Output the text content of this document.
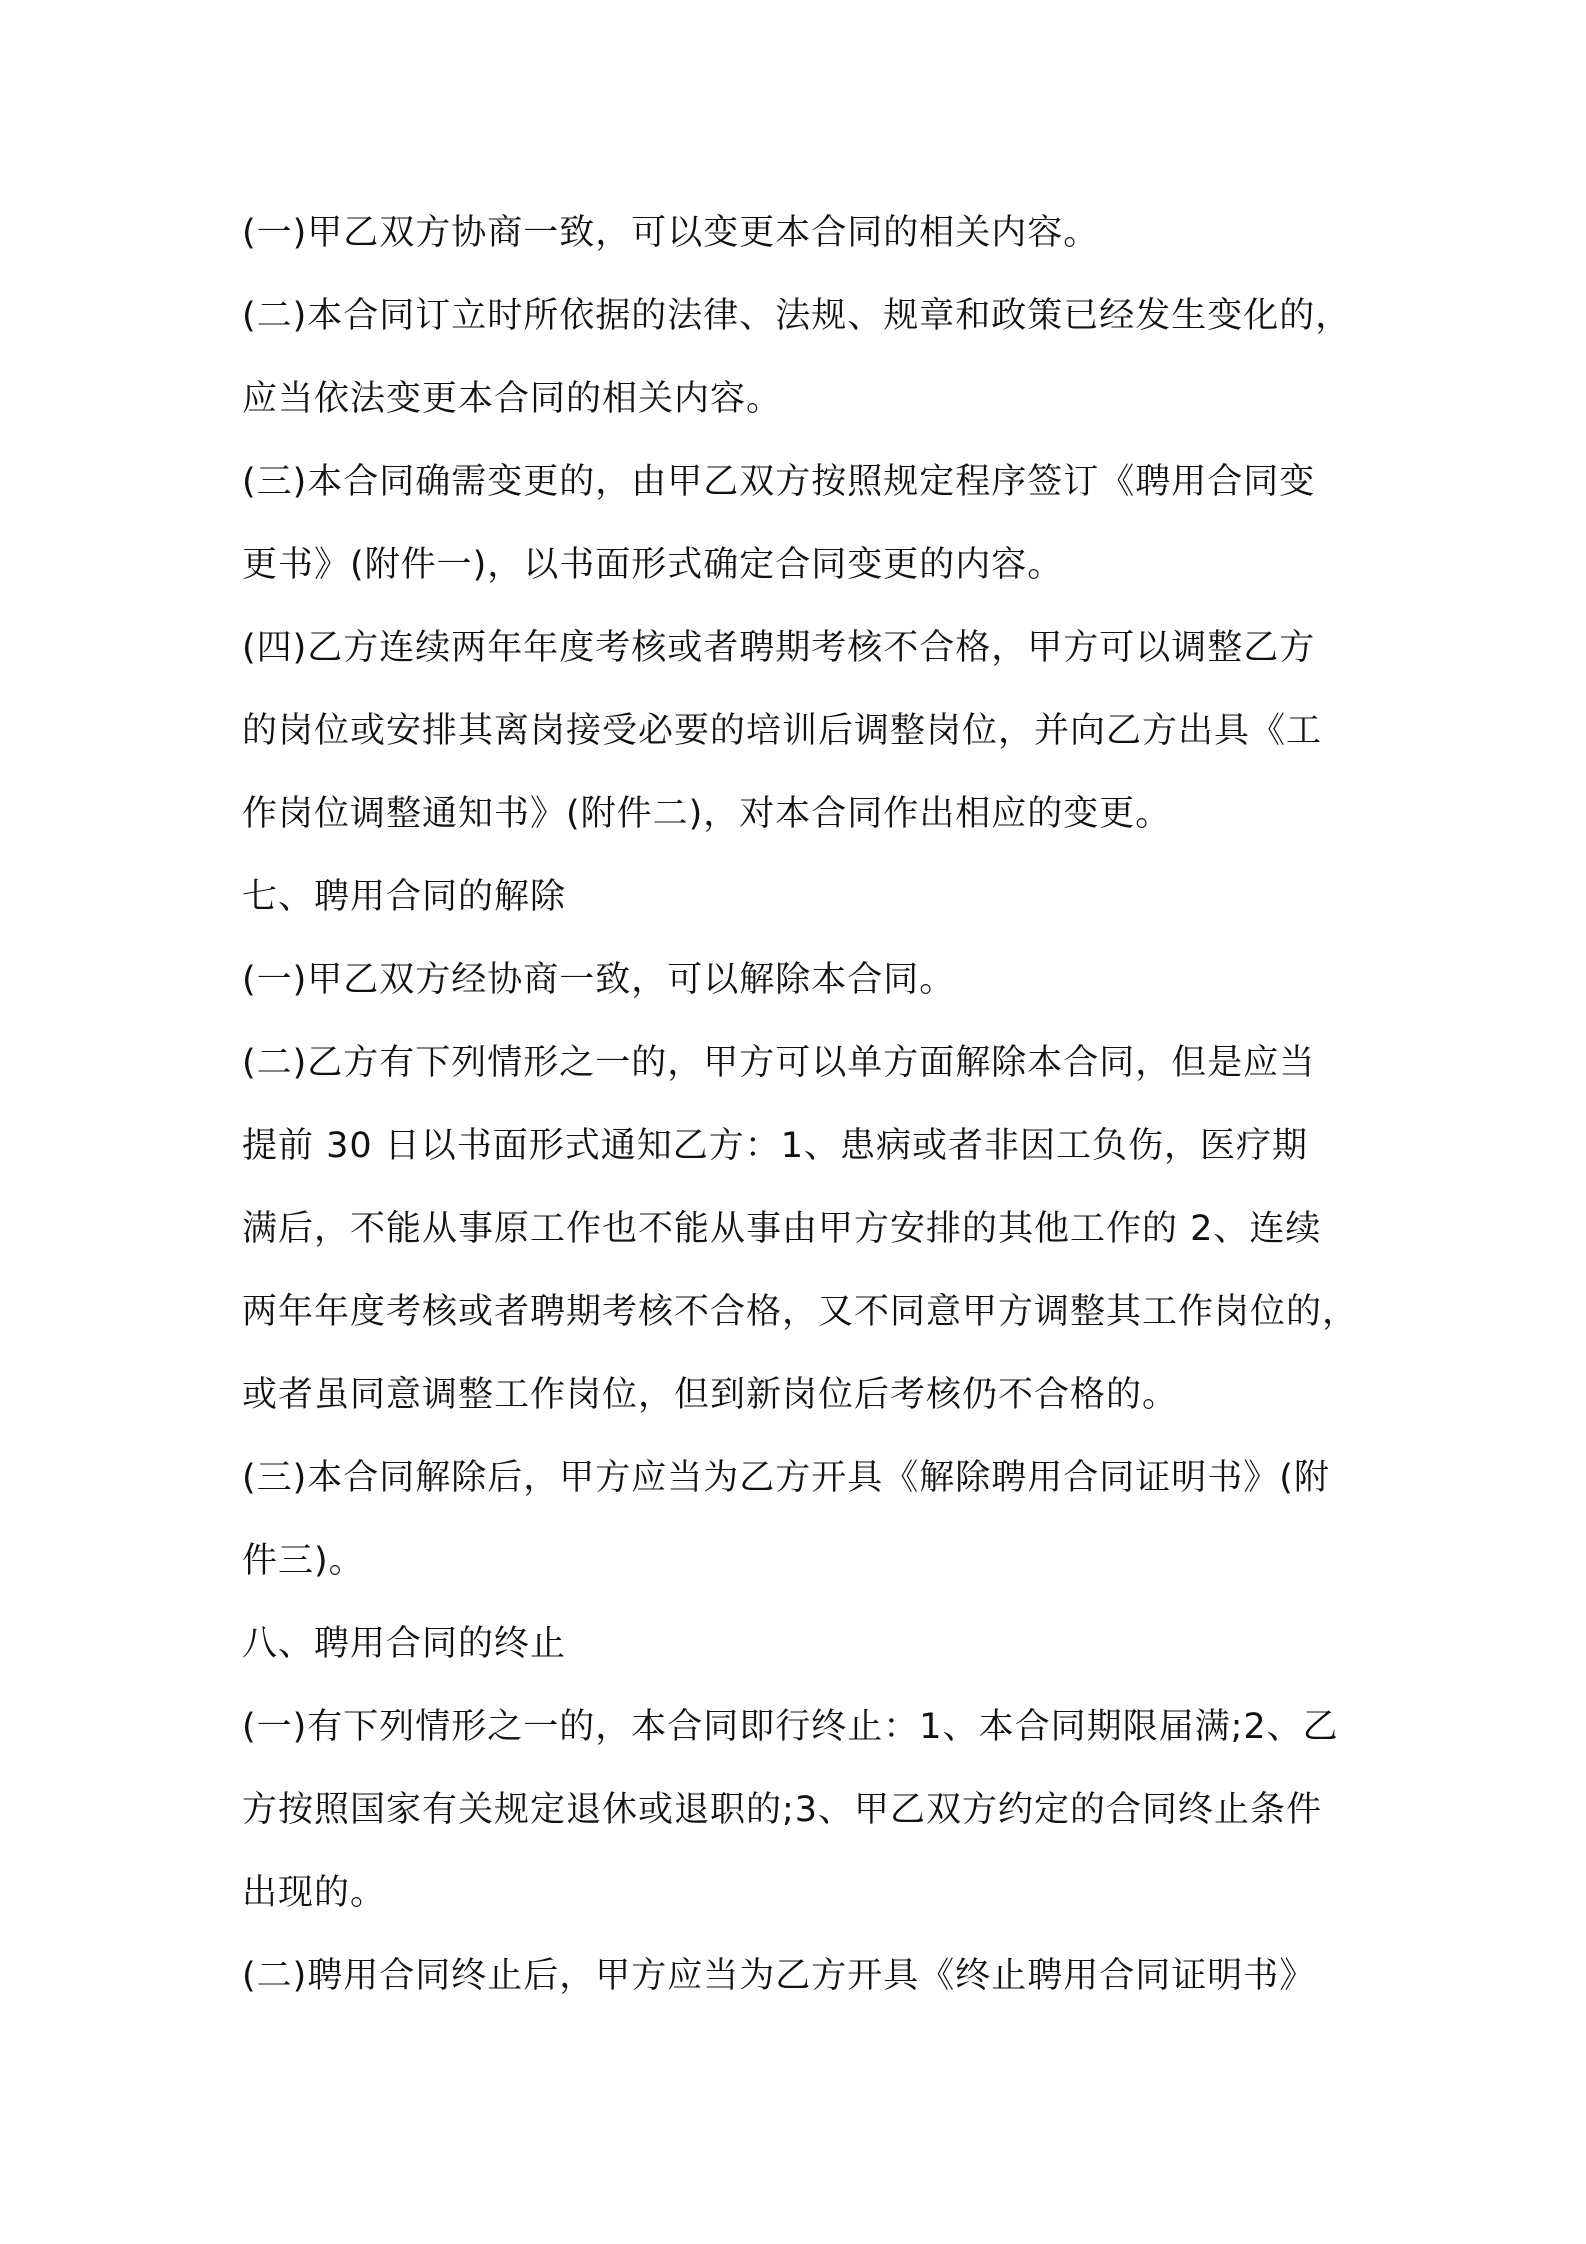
(一)甲乙双方协商一致，可以变更本合同的相关内容。
(二)本合同订立时所依据的法律、法规、规章和政策已经发生变化的，
应当依法变更本合同的相关内容。
(三)本合同确需变更的，由甲乙双方按照规定程序签订《聘用合同变
更书》(附件一)，以书面形式确定合同变更的内容。
(四)乙方连续两年年度考核或者聘期考核不合格，甲方可以调整乙方
的岗位或安排其离岗接受必要的培训后调整岗位，并向乙方出具《工
作岗位调整通知书》(附件二)，对本合同作出相应的变更。
七、聘用合同的解除
(一)甲乙双方经协商一致，可以解除本合同。
(二)乙方有下列情形之一的，甲方可以单方面解除本合同，但是应当
提前 30 日以书面形式通知乙方：1、患病或者非因工负伤，医疗期
满后，不能从事原工作也不能从事由甲方安排的其他工作的 2、连续
两年年度考核或者聘期考核不合格，又不同意甲方调整其工作岗位的，
或者虽同意调整工作岗位，但到新岗位后考核仍不合格的。
(三)本合同解除后，甲方应当为乙方开具《解除聘用合同证明书》(附
件三)。
八、聘用合同的终止
(一)有下列情形之一的，本合同即行终止：1、本合同期限届满;2、乙
方按照国家有关规定退休或退职的;3、甲乙双方约定的合同终止条件
出现的。
(二)聘用合同终止后，甲方应当为乙方开具《终止聘用合同证明书》
